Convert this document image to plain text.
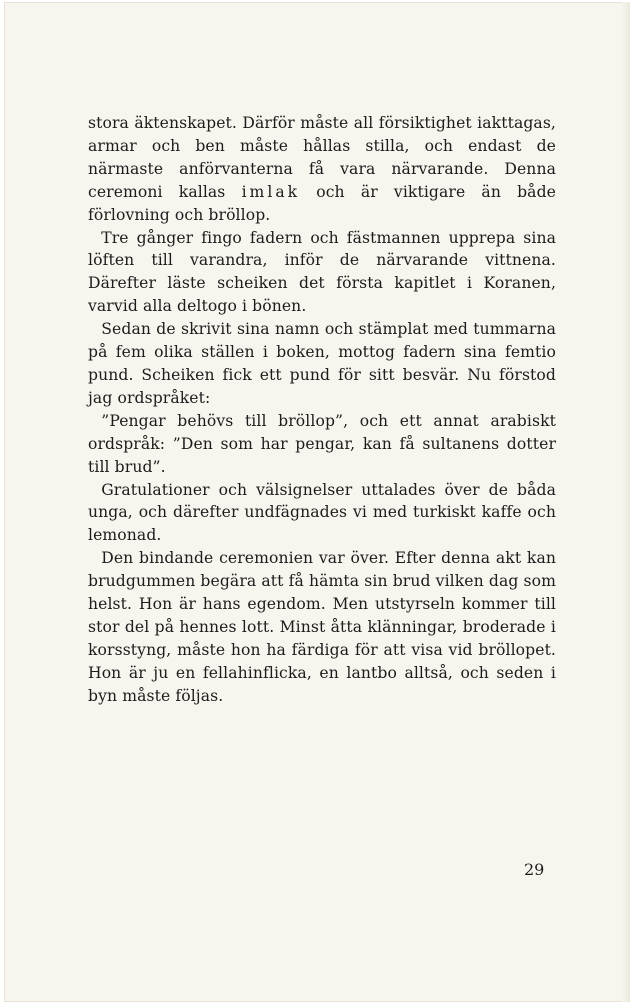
stora äktenskapet. Därför måste all försiktighet iakttagas, armar och ben måste hållas stilla, och endast de närmaste anförvanterna få vara närvarande. Denna ceremoni kallas imlak och är viktigare än både förlovning och bröllop.

Tre gånger fingo fadern och fästmannen upprepa sina löften till varandra, inför de närvarande vittnena. Därefter läste scheiken det första kapitlet i Koranen, varvid alla deltogo i bönen.

Sedan de skrivit sina namn och stämplat med tummarna på fem olika ställen i boken, mottog fadern sina femtio pund. Scheiken fick ett pund för sitt besvär. Nu förstod jag ordspråket:

”Pengar behövs till bröllop”, och ett annat arabiskt ordspråk: ”Den som har pengar, kan få sultanens dotter till brud”.

Gratulationer och välsignelser uttalades över de båda unga, och därefter undfägnades vi med turkiskt kaffe och lemonad.

Den bindande ceremonien var över. Efter denna akt kan brudgummen begära att få hämta sin brud vilken dag som helst. Hon är hans egendom. Men utstyrseln kommer till stor del på hennes lott. Minst åtta klänningar, broderade i korsstyng, måste hon ha färdiga för att visa vid bröllopet. Hon är ju en fellahinflicka, en lantbo alltså, och seden i byn måste följas.

29
